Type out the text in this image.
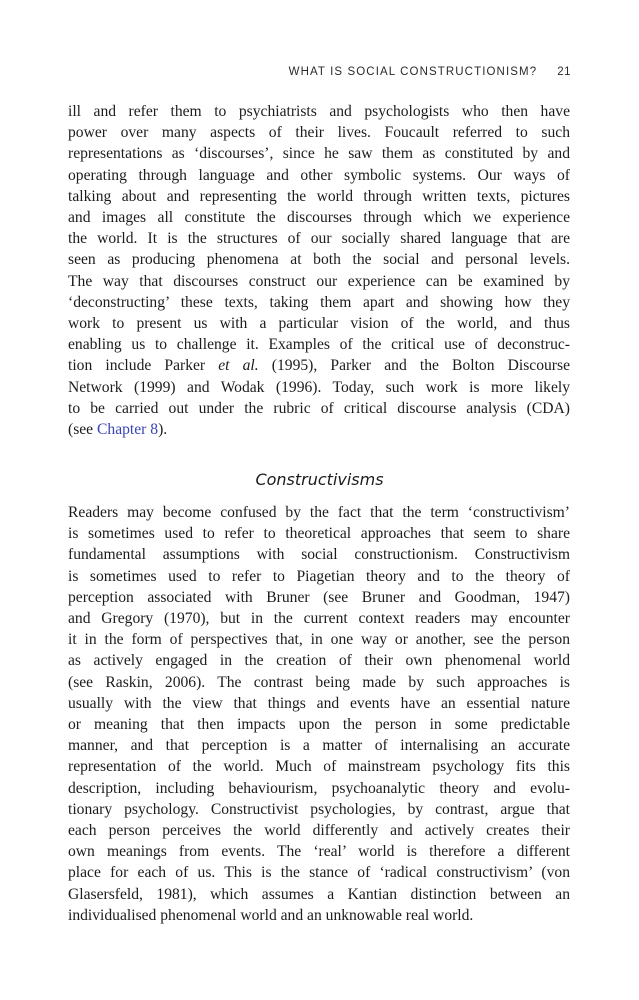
WHAT IS SOCIAL CONSTRUCTIONISM? 21
ill and refer them to psychiatrists and psychologists who then have
power over many aspects of their lives. Foucault referred to such
representations as ‘discourses’, since he saw them as constituted by and
operating through language and other symbolic systems. Our ways of
talking about and representing the world through written texts, pictures
and images all constitute the discourses through which we experience
the world. It is the structures of our socially shared language that are
seen as producing phenomena at both the social and personal levels.
The way that discourses construct our experience can be examined by
‘deconstructing’ these texts, taking them apart and showing how they
work to present us with a particular vision of the world, and thus
enabling us to challenge it. Examples of the critical use of deconstruc-
tion include Parker et al. (1995), Parker and the Bolton Discourse
Network (1999) and Wodak (1996). Today, such work is more likely
to be carried out under the rubric of critical discourse analysis (CDA)
(see Chapter 8).
Constructivisms
Readers may become confused by the fact that the term ‘constructivism’
is sometimes used to refer to theoretical approaches that seem to share
fundamental assumptions with social constructionism. Constructivism
is sometimes used to refer to Piagetian theory and to the theory of
perception associated with Bruner (see Bruner and Goodman, 1947)
and Gregory (1970), but in the current context readers may encounter
it in the form of perspectives that, in one way or another, see the person
as actively engaged in the creation of their own phenomenal world
(see Raskin, 2006). The contrast being made by such approaches is
usually with the view that things and events have an essential nature
or meaning that then impacts upon the person in some predictable
manner, and that perception is a matter of internalising an accurate
representation of the world. Much of mainstream psychology fits this
description, including behaviourism, psychoanalytic theory and evolu-
tionary psychology. Constructivist psychologies, by contrast, argue that
each person perceives the world differently and actively creates their
own meanings from events. The ‘real’ world is therefore a different
place for each of us. This is the stance of ‘radical constructivism’ (von
Glasersfeld, 1981), which assumes a Kantian distinction between an
individualised phenomenal world and an unknowable real world.
